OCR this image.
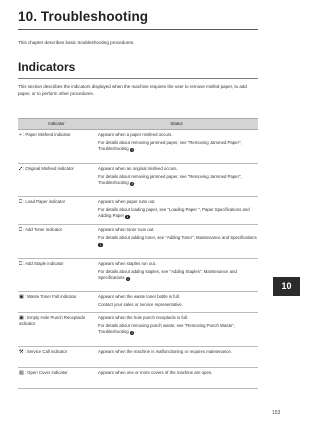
10. Troubleshooting

This chapter describes basic troubleshooting procedures.

Indicators

This section describes the indicators displayed when the machine requires the user to remove misfed paper, to add paper, or to perform other procedures.

Indicator	Status
⑃: Paper Misfeed indicator	Appears when a paper misfeed occurs.

For details about removing jammed paper, see "Removing Jammed Paper", Troubleshooting i .

⑇: Original Misfeed indicator	Appears when an original misfeed occurs.

For details about removing jammed paper, see "Removing Jammed Paper", Troubleshooting i .

⎕: Load Paper indicator	Appears when paper runs out.

For details about loading paper, see "Loading Paper ", Paper Specifications and Adding Paper i .

⎕: Add Toner indicator	Appears when toner runs out.

For details about adding toner, see "Adding Toner", Maintenance and Specifications i .

⎕: Add Staple indicator	Appears when staples run out.

For details about adding staples, see "Adding Staples", Maintenance and Specifications i .

▣: Waste Toner Full indicator	Appears when the waste toner bottle is full.

Contact your sales or service representative.

▣: Empty Hole Punch Receptacle indicator	Appears when the hole punch receptacle is full.

For details about removing punch waste, see "Removing Punch Waste", Troubleshooting i .

⚒: Service Call indicator	Appears when the machine is malfunctioning or requires maintenance.

▧: Open Cover indicator	Appears when one or more covers of the machine are open.

10
153
